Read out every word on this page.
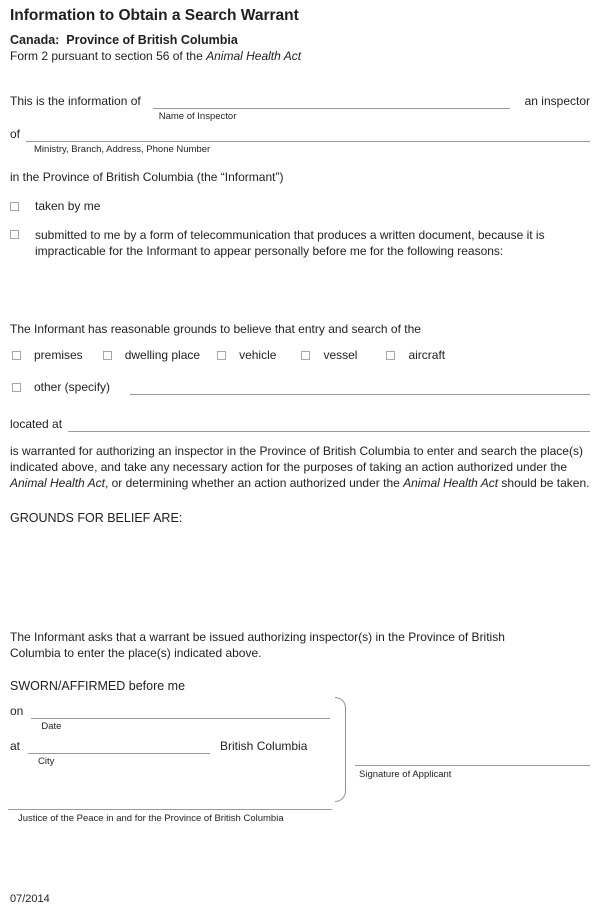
Information to Obtain a Search Warrant
Canada:  Province of British Columbia
Form 2 pursuant to section 56 of the Animal Health Act
This is the information of
Name of Inspector
an inspector
of
Ministry, Branch, Address, Phone Number
in the Province of British Columbia (the “Informant”)
taken by me
submitted to me by a form of telecommunication that produces a written document, because it is impracticable for the Informant to appear personally before me for the following reasons:
The Informant has reasonable grounds to believe that entry and search of the
premises	dwelling place	vehicle	vessel	aircraft
other (specify)
located at
is warranted for authorizing an inspector in the Province of British Columbia to enter and search the place(s) indicated above, and take any necessary action for the purposes of taking an action authorized under the Animal Health Act, or determining whether an action authorized under the Animal Health Act should be taken.
GROUNDS FOR BELIEF ARE:
The Informant asks that a warrant be issued authorizing inspector(s) in the Province of British Columbia to enter the place(s) indicated above.
SWORN/AFFIRMED before me
on
Date
at
City
British Columbia
Signature of Applicant
Justice of the Peace in and for the Province of British Columbia
07/2014
